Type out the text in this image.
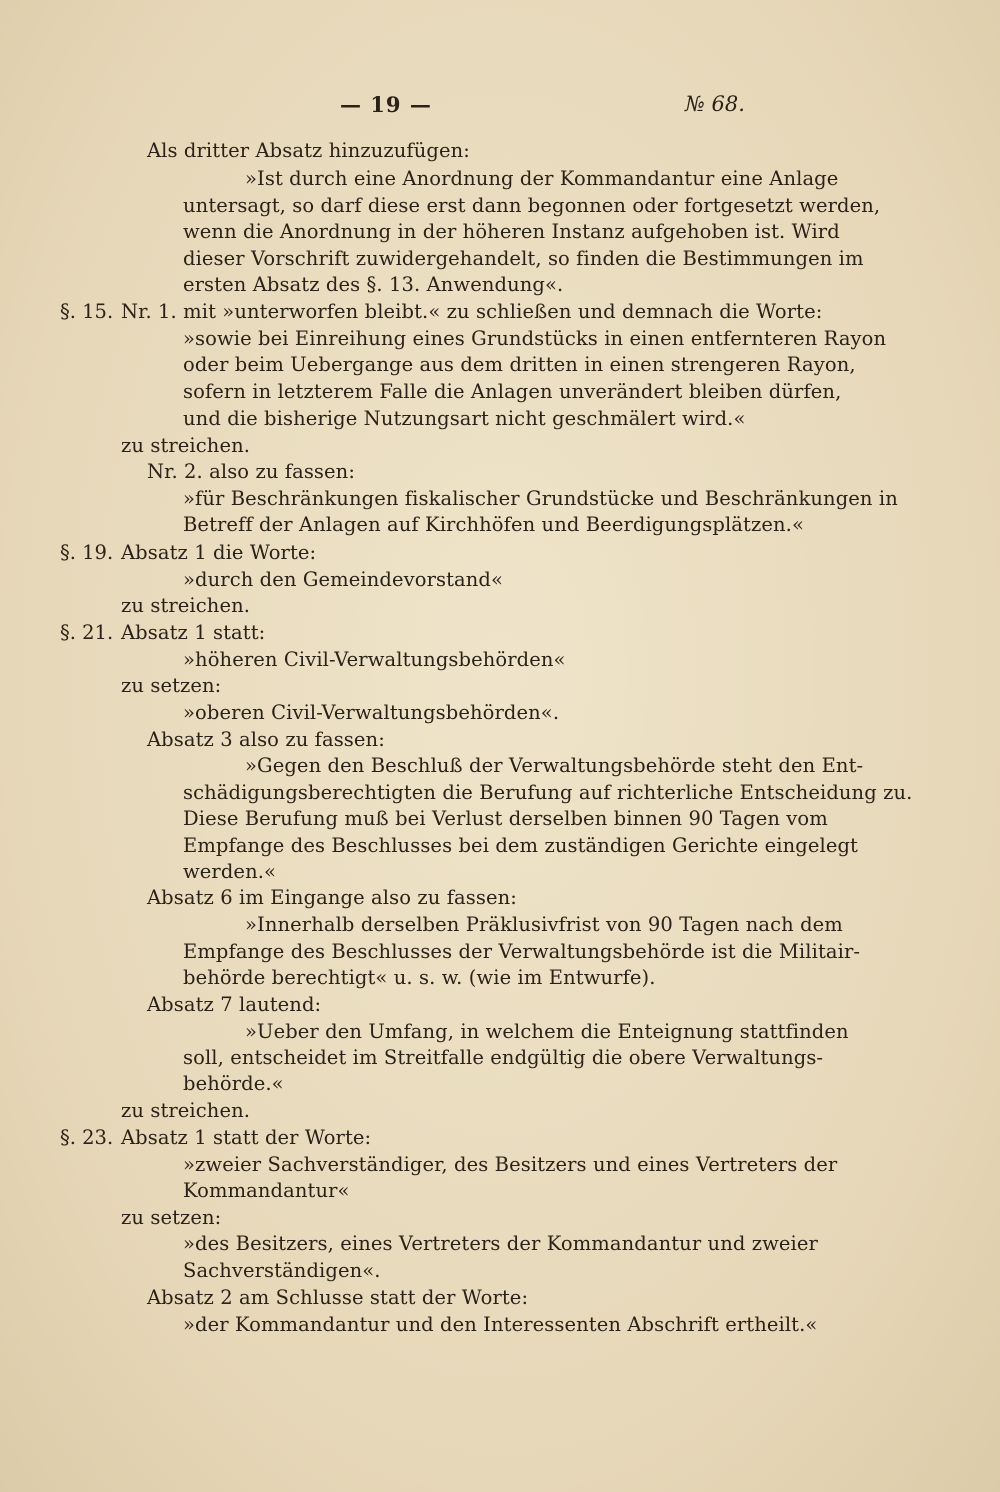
— 19 —	№ 68.
§. 15.
§. 19.
§. 21.
§. 23.
Als dritter Absatz hinzuzufügen:
»Ist durch eine Anordnung der Kommandantur eine Anlage
untersagt, so darf diese erst dann begonnen oder fortgesetzt werden,
wenn die Anordnung in der höheren Instanz aufgehoben ist. Wird
dieser Vorschrift zuwidergehandelt, so finden die Bestimmungen im
ersten Absatz des §. 13. Anwendung«.
Nr. 1. mit »unterworfen bleibt.« zu schließen und demnach die Worte:
»sowie bei Einreihung eines Grundstücks in einen entfernteren Rayon
oder beim Uebergange aus dem dritten in einen strengeren Rayon,
sofern in letzterem Falle die Anlagen unverändert bleiben dürfen,
und die bisherige Nutzungsart nicht geschmälert wird.«
zu streichen.
Nr. 2. also zu fassen:
»für Beschränkungen fiskalischer Grundstücke und Beschränkungen in
Betreff der Anlagen auf Kirchhöfen und Beerdigungsplätzen.«
Absatz 1 die Worte:
»durch den Gemeindevorstand«
zu streichen.
Absatz 1 statt:
»höheren Civil-Verwaltungsbehörden«
zu setzen:
»oberen Civil-Verwaltungsbehörden«.
Absatz 3 also zu fassen:
»Gegen den Beschluß der Verwaltungsbehörde steht den Ent-
schädigungsberechtigten die Berufung auf richterliche Entscheidung zu.
Diese Berufung muß bei Verlust derselben binnen 90 Tagen vom
Empfange des Beschlusses bei dem zuständigen Gerichte eingelegt
werden.«
Absatz 6 im Eingange also zu fassen:
»Innerhalb derselben Präklusivfrist von 90 Tagen nach dem
Empfange des Beschlusses der Verwaltungsbehörde ist die Militair-
behörde berechtigt« u. s. w. (wie im Entwurfe).
Absatz 7 lautend:
»Ueber den Umfang, in welchem die Enteignung stattfinden
soll, entscheidet im Streitfalle endgültig die obere Verwaltungs-
behörde.«
zu streichen.
Absatz 1 statt der Worte:
»zweier Sachverständiger, des Besitzers und eines Vertreters der
Kommandantur«
zu setzen:
»des Besitzers, eines Vertreters der Kommandantur und zweier
Sachverständigen«.
Absatz 2 am Schlusse statt der Worte:
»der Kommandantur und den Interessenten Abschrift ertheilt.«
